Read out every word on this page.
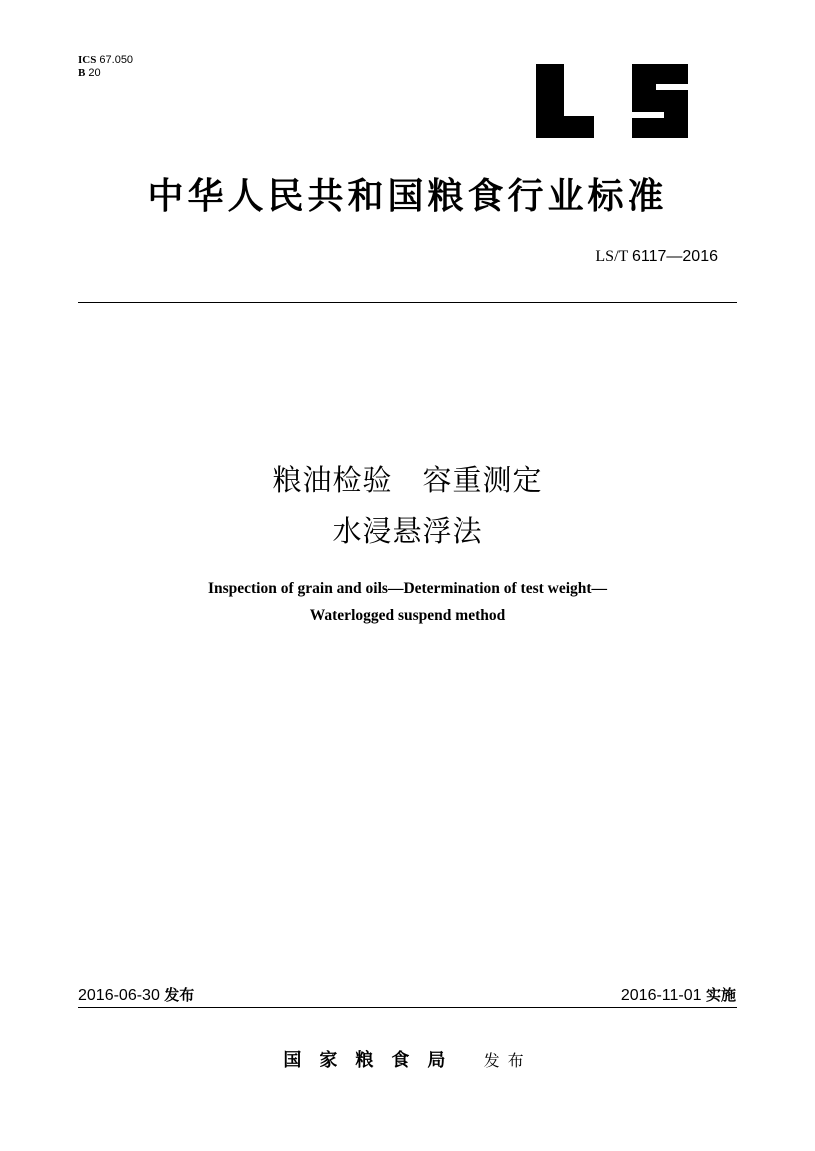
ICS 67.050
B 20
中华人民共和国粮食行业标准
LS/T 6117—2016
粮油检验　容重测定
水浸悬浮法
Inspection of grain and oils—Determination of test weight—
Waterlogged suspend method
2016-06-30 发布	2016-11-01 实施
国家粮食局 发布
